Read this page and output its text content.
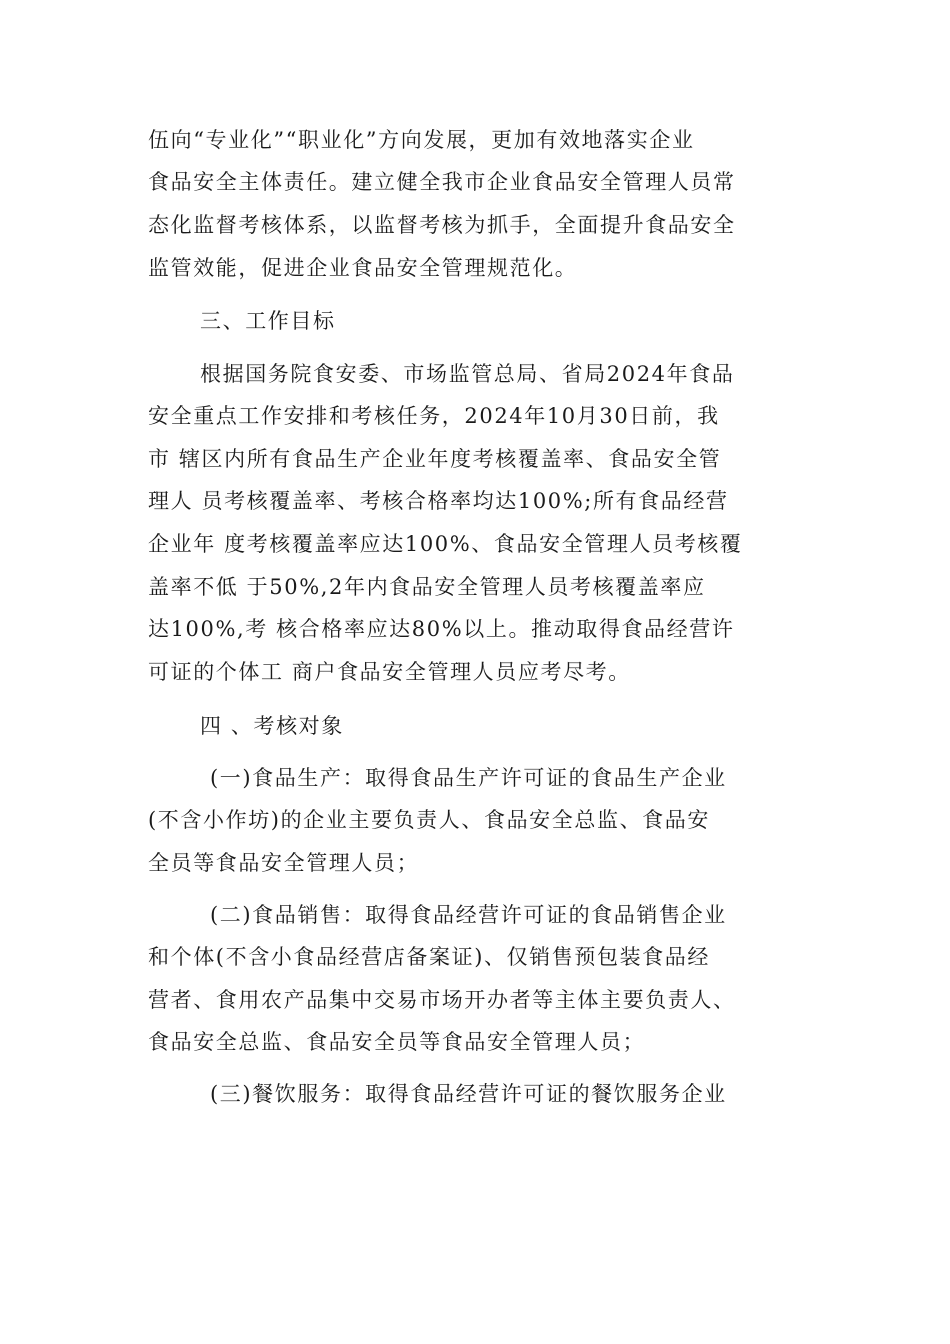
伍向“专业化”“职业化”方向发展，更加有效地落实企业
食品安全主体责任。建立健全我市企业食品安全管理人员常
态化监督考核体系，以监督考核为抓手，全面提升食品安全
监管效能，促进企业食品安全管理规范化。
三、工作目标
根据国务院食安委、市场监管总局、省局2024年食品
安全重点工作安排和考核任务，2024年10月30日前，我
市 辖区内所有食品生产企业年度考核覆盖率、食品安全管
理人 员考核覆盖率、考核合格率均达100%;所有食品经营
企业年 度考核覆盖率应达100%、食品安全管理人员考核覆
盖率不低 于50%,2年内食品安全管理人员考核覆盖率应
达100%,考 核合格率应达80%以上。推动取得食品经营许
可证的个体工 商户食品安全管理人员应考尽考。
四 、考核对象
(一)食品生产：取得食品生产许可证的食品生产企业
(不含小作坊)的企业主要负责人、食品安全总监、食品安
全员等食品安全管理人员；
(二)食品销售：取得食品经营许可证的食品销售企业
和个体(不含小食品经营店备案证)、仅销售预包装食品经
营者、食用农产品集中交易市场开办者等主体主要负责人、
食品安全总监、食品安全员等食品安全管理人员；
(三)餐饮服务：取得食品经营许可证的餐饮服务企业
